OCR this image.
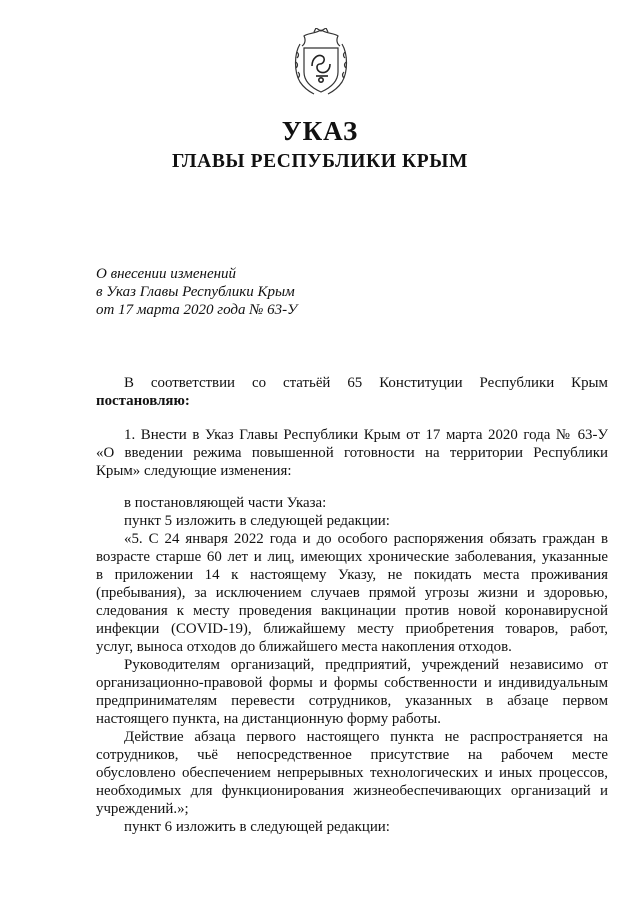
УКАЗ
ГЛАВЫ РЕСПУБЛИКИ КРЫМ
О внесении изменений
в Указ Главы Республики Крым
от 17 марта 2020 года № 63-У

В соответствии со статьёй 65 Конституции Республики Крым

постановляю:

1. Внести в Указ Главы Республики Крым от 17 марта 2020 года № 63-У

«О введении режима повышенной готовности на территории Республики

Крым» следующие изменения:

в постановляющей части Указа:

пункт 5 изложить в следующей редакции:

«5. С 24 января 2022 года и до особого распоряжения обязать граждан в

возрасте старше 60 лет и лиц, имеющих хронические заболевания, указанные

в приложении 14 к настоящему Указу, не покидать места проживания

(пребывания), за исключением случаев прямой угрозы жизни и здоровью,

следования к месту проведения вакцинации против новой коронавирусной

инфекции (COVID-19), ближайшему месту приобретения товаров, работ,

услуг, выноса отходов до ближайшего места накопления отходов.

Руководителям организаций, предприятий, учреждений независимо от

организационно-правовой формы и формы собственности и индивидуальным

предпринимателям перевести сотрудников, указанных в абзаце первом

настоящего пункта, на дистанционную форму работы.

Действие абзаца первого настоящего пункта не распространяется на

сотрудников, чьё непосредственное присутствие на рабочем месте

обусловлено обеспечением непрерывных технологических и иных процессов,

необходимых для функционирования жизнеобеспечивающих организаций и

учреждений.»;

пункт 6 изложить в следующей редакции:
